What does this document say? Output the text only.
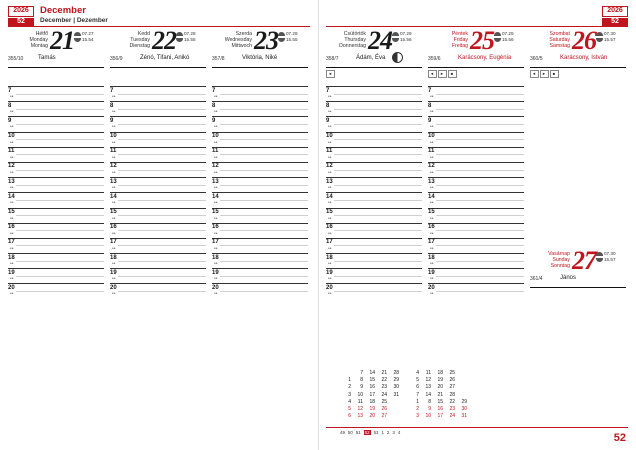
2026
52
December
December | Dezember
Hétfő
Monday
Montag 21	07.27
15.54
355/10 Tamás
7
••
8
••
9
••
10
••
11
••
12
••
13
••
14
••
15
••
16
••
17
••
18
••
19
••
20
••
Kedd
Tuesday
Dienstag 22	07.28
15.55
356/9	Zénó, Tifani, Anikó
7
••
8
••
9
••
10
••
11
••
12
••
13
••
14
••
15
••
16
••
17
••
18
••
19
••
20
••
Szerda
Wednesday
Mittwoch 23	07.29
15.55
357/8	Viktória, Niké
7
••
8
••
9
••
10
••
11
••
12
••
13
••
14
••
15
••
16
••
17
••
18
••
19
••
20
••
2026
52
Csütörtök
Thursday
Donnerstag 24	07.29
15.56
358/7	Ádám, Éva
◄
7
••
8
••
9
••
10
••
11
••
12
••
13
••
14
••
15
••
16
••
17
••
18
••
19
••
20
••
Péntek
Friday
Freitag 25	07.29
15.56
359/6	Karácsony, Eugénia
◄ ► ■
7
••
8
••
9
••
10
••
11
••
12
••
13
••
14
••
15
••
16
••
17
••
18
••
19
••
20
••
Szombat
Saturday
Samstag 26	07.30
15.57
360/5	Karácsony, István
◄ ► ■
Vasárnap
Sunday
Sonntag 27	07.30
15.57
361/4	János
	7	14	21	28		4	11	18	25	
1	8	15	22	29		5	12	19	26	
2	9	16	23	30		6	13	20	27	
3	10	17	24	31		7	14	21	28	
4	11	18	25			1	8	15	22	29
5	12	19	26			2	9	16	23	30
6	13	20	27			3	10	17	24	31
49 50 51 52 53 1 2 3 4	52
